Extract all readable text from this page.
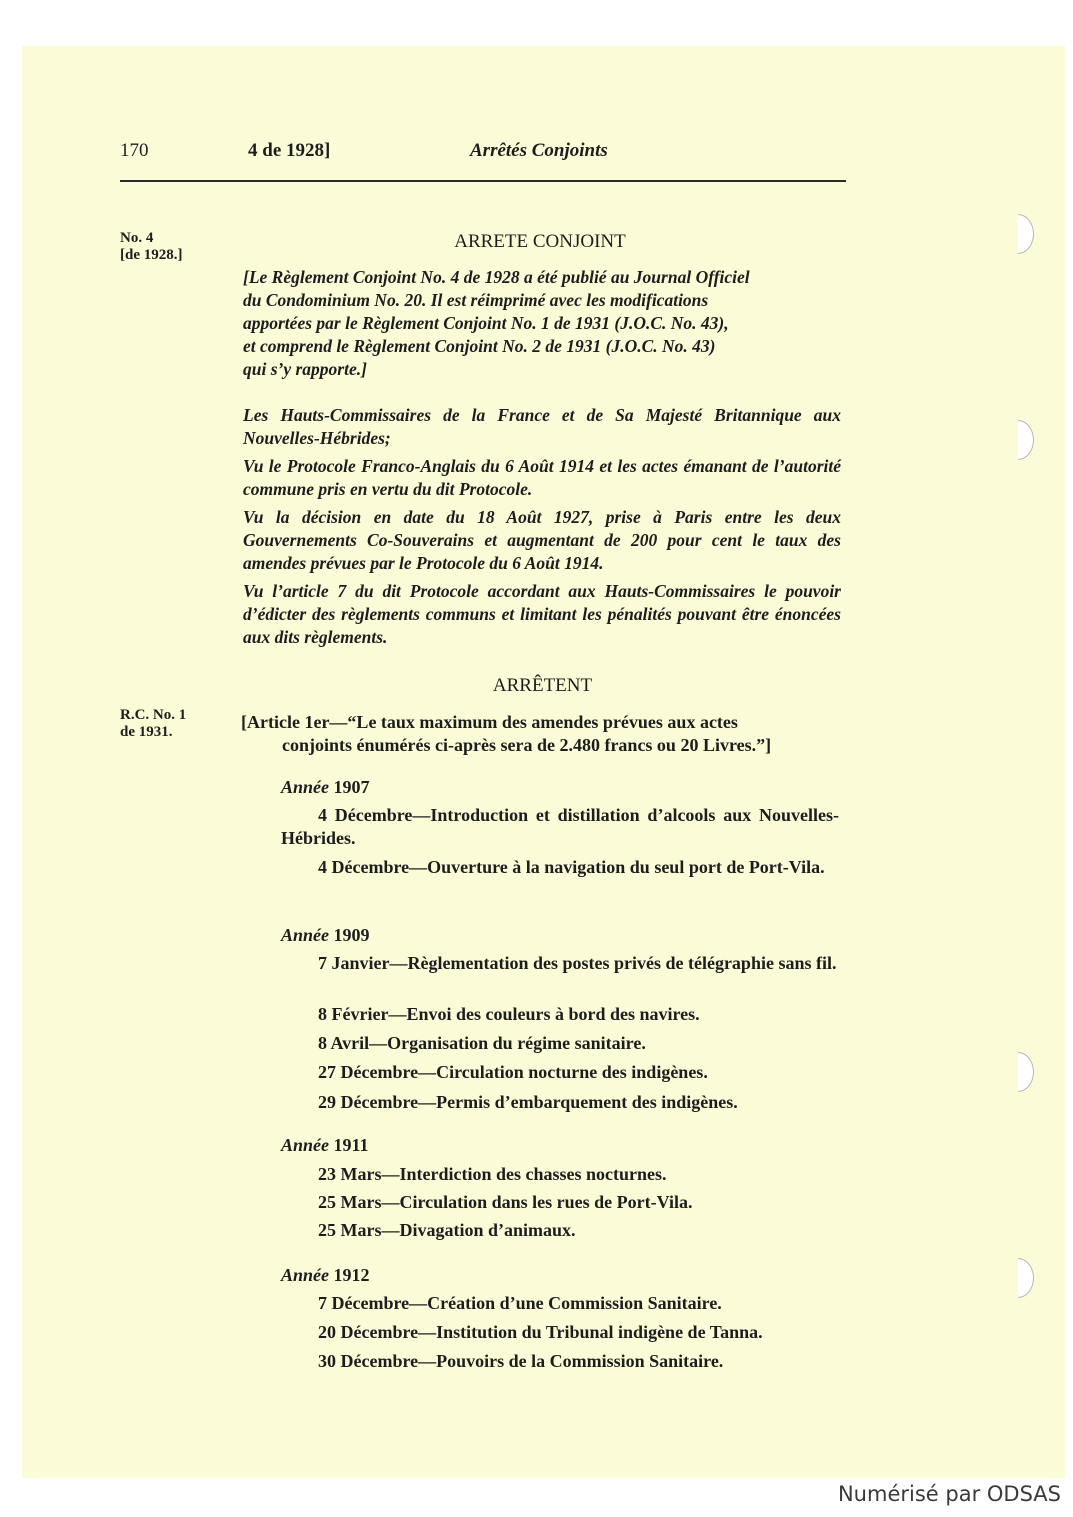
170	4 de 1928]	Arrêtés Conjoints
No. 4
[de 1928.]
R.C. No. 1
de 1931.
ARRETE CONJOINT
[Le Règlement Conjoint No. 4 de 1928 a été publié au Journal Officiel
du Condominium No. 20. Il est réimprimé avec les modifications
apportées par le Règlement Conjoint No. 1 de 1931 (J.O.C. No. 43),
et comprend le Règlement Conjoint No. 2 de 1931 (J.O.C. No. 43)
qui s’y rapporte.]
Les Hauts-Commissaires de la France et de Sa Majesté Britannique aux Nouvelles-Hébrides;
Vu le Protocole Franco-Anglais du 6 Août 1914 et les actes émanant de l’autorité commune pris en vertu du dit Protocole.
Vu la décision en date du 18 Août 1927, prise à Paris entre les deux Gouvernements Co-Souverains et augmentant de 200 pour cent le taux des amendes prévues par le Protocole du 6 Août 1914.
Vu l’article 7 du dit Protocole accordant aux Hauts-Commissaires le pouvoir d’édicter des règlements communs et limitant les pénalités pouvant être énoncées aux dits règlements.
ARRÊTENT
[Article 1er—“Le taux maximum des amendes prévues aux actes
conjoints énumérés ci-après sera de 2.480 francs ou 20 Livres.”]
Année 1907
4 Décembre—Introduction et distillation d’alcools aux Nouvelles-Hébrides.
4 Décembre—Ouverture à la navigation du seul port de Port-Vila.
Année 1909
7 Janvier—Règlementation des postes privés de télégraphie sans fil.
8 Février—Envoi des couleurs à bord des navires.
8 Avril—Organisation du régime sanitaire.
27 Décembre—Circulation nocturne des indigènes.
29 Décembre—Permis d’embarquement des indigènes.
Année 1911
23 Mars—Interdiction des chasses nocturnes.
25 Mars—Circulation dans les rues de Port-Vila.
25 Mars—Divagation d’animaux.
Année 1912
7 Décembre—Création d’une Commission Sanitaire.
20 Décembre—Institution du Tribunal indigène de Tanna.
30 Décembre—Pouvoirs de la Commission Sanitaire.
Numérisé par ODSAS
